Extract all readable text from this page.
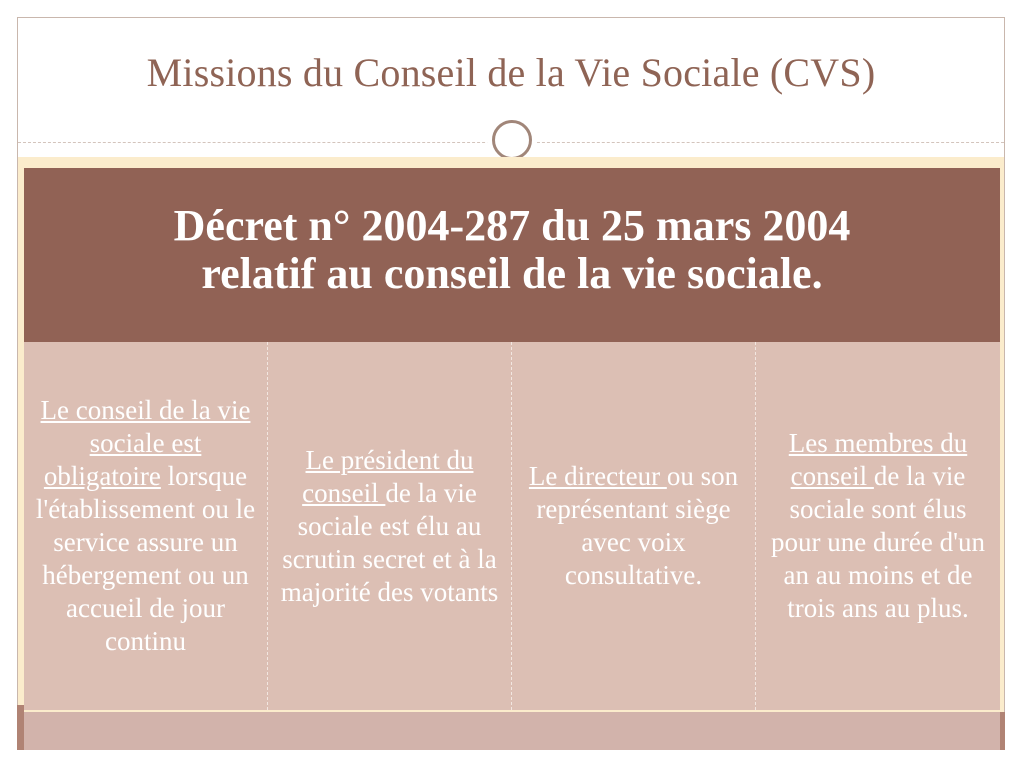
Missions du Conseil de la Vie Sociale (CVS)
Décret n° 2004-287 du 25 mars 2004
relatif au conseil de la vie sociale.
Le conseil de la vie sociale est obligatoire lorsque l'établissement ou le service assure un hébergement ou un accueil de jour continu
Le président du conseil de la vie sociale est élu au scrutin secret et à la majorité des votants
Le directeur ou son représentant siège avec voix consultative.
Les membres du conseil de la vie sociale sont élus pour une durée d'un an au moins et de trois ans au plus.
